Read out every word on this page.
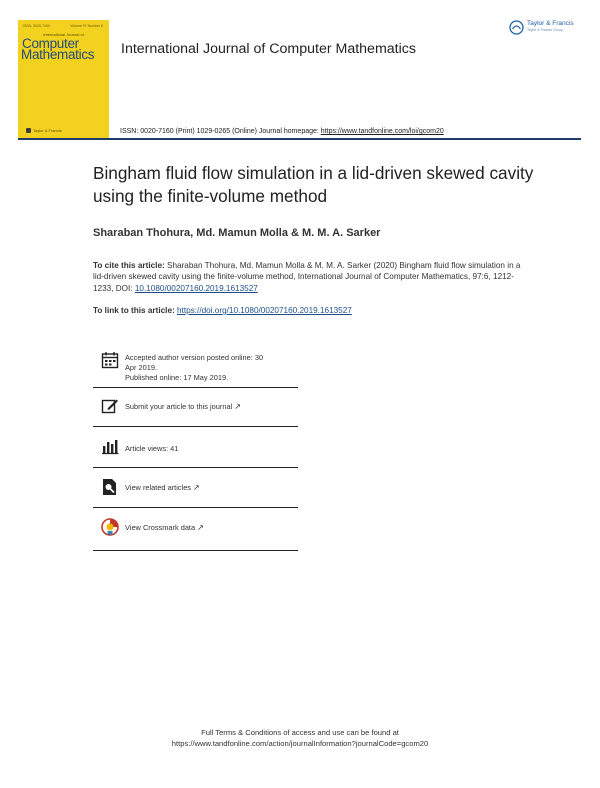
ISSN: 0020-7160	Volume 97 Number 6
International Journal of
Computer
Mathematics
Taylor & Francis
International Journal of Computer Mathematics
Taylor & Francis
Taylor & Francis Group
ISSN: 0020-7160 (Print) 1029-0265 (Online) Journal homepage: https://www.tandfonline.com/loi/gcom20
Bingham fluid flow simulation in a lid-driven skewed cavity using the finite-volume method
Sharaban Thohura, Md. Mamun Molla & M. M. A. Sarker
To cite this article: Sharaban Thohura, Md. Mamun Molla & M. M. A. Sarker (2020) Bingham fluid flow simulation in a lid-driven skewed cavity using the finite-volume method, International Journal of Computer Mathematics, 97:6, 1212-1233, DOI: 10.1080/00207160.2019.1613527
To link to this article: https://doi.org/10.1080/00207160.2019.1613527
Accepted author version posted online: 30
Apr 2019.
Published online: 17 May 2019.
Submit your article to this journal ↗
Article views: 41
View related articles ↗
View Crossmark data ↗
Full Terms & Conditions of access and use can be found at
https://www.tandfonline.com/action/journalInformation?journalCode=gcom20
